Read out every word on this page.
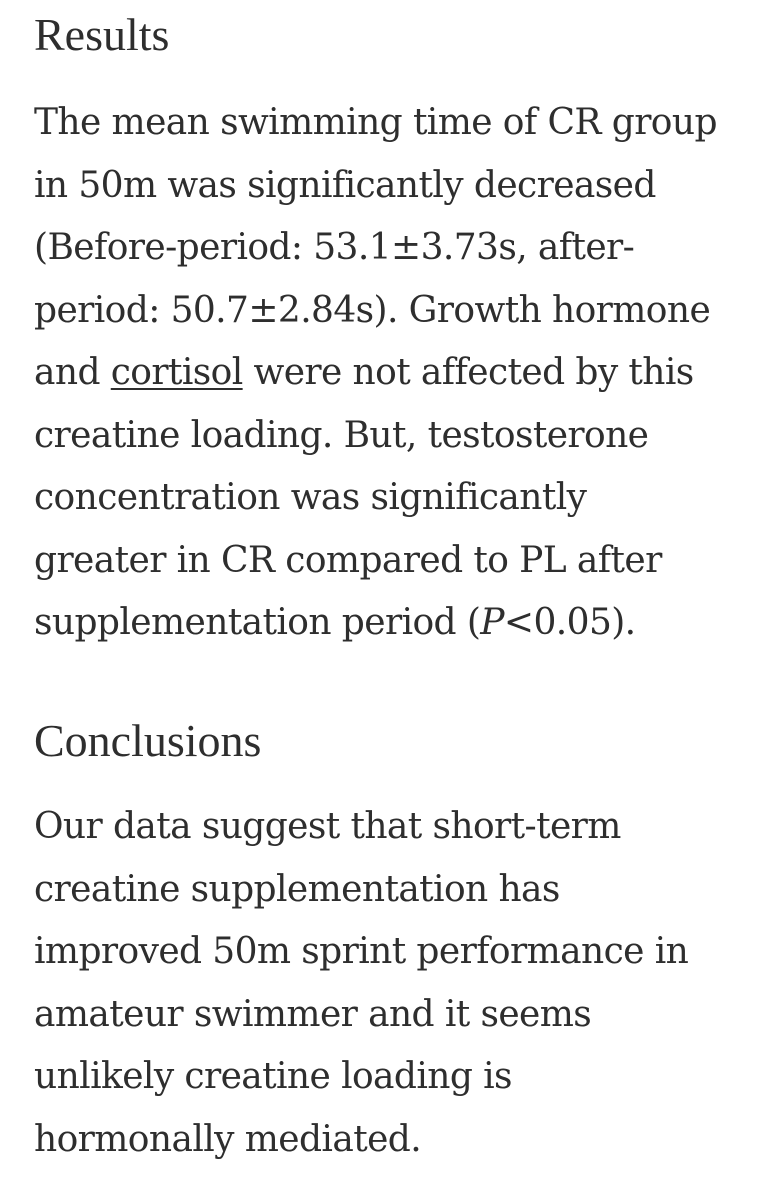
Results

The mean swimming time of CR group
in 50m was significantly decreased
(Before-period: 53.1±3.73s, after-
period: 50.7±2.84s). Growth hormone
and cortisol were not affected by this
creatine loading. But, testosterone
concentration was significantly
greater in CR compared to PL after
supplementation period (P<0.05).

Conclusions

Our data suggest that short-term
creatine supplementation has
improved 50m sprint performance in
amateur swimmer and it seems
unlikely creatine loading is
hormonally mediated.
